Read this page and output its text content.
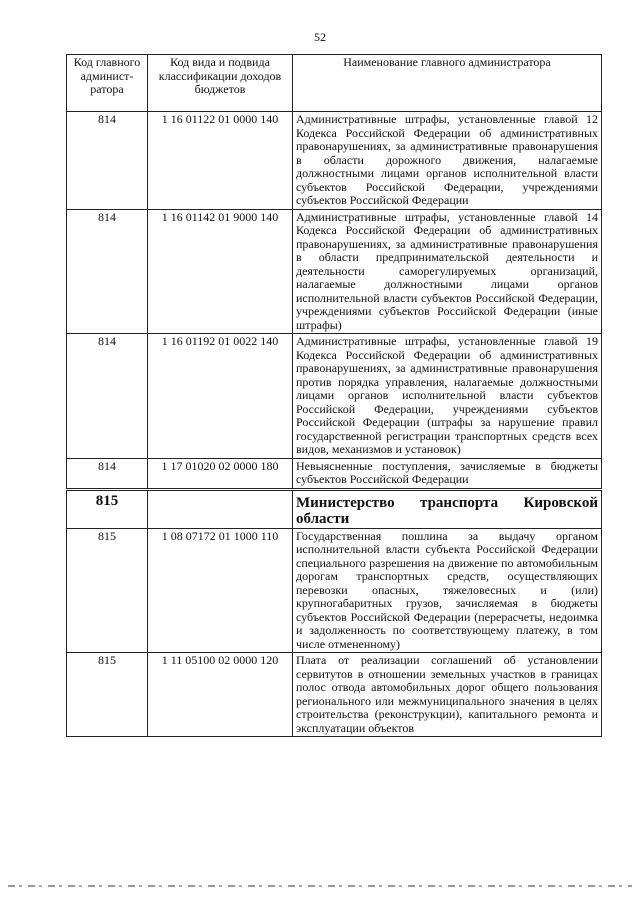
52
Код главного админист-ратора	Код вида и подвида классификации доходов бюджетов	Наименование главного администратора
814	1 16 01122 01 0000 140	Административные штрафы, установленные главой 12 Кодекса Российской Федерации об административных правонарушениях, за административные правонарушения в области дорожного движения, налагаемые должностными лицами органов исполнительной власти субъектов Российской Федерации, учреждениями субъектов Российской Федерации
814	1 16 01142 01 9000 140	Административные штрафы, установленные главой 14 Кодекса Российской Федерации об административных правонарушениях, за административные правонарушения в области предпринимательской деятельности и деятельности саморегулируемых организаций, налагаемые должностными лицами органов исполнительной власти субъектов Российской Федерации, учреждениями субъектов Российской Федерации (иные штрафы)
814	1 16 01192 01 0022 140	Административные штрафы, установленные главой 19 Кодекса Российской Федерации об административных правонарушениях, за административные правонарушения против порядка управления, налагаемые должностными лицами органов исполнительной власти субъектов Российской Федерации, учреждениями субъектов Российской Федерации (штрафы за нарушение правил государственной регистрации транспортных средств всех видов, механизмов и установок)
814	1 17 01020 02 0000 180	Невыясненные поступления, зачисляемые в бюджеты субъектов Российской Федерации
815		Министерство транспорта Кировской области
815	1 08 07172 01 1000 110	Государственная пошлина за выдачу органом исполнительной власти субъекта Российской Федерации специального разрешения на движение по автомобильным дорогам транспортных средств, осуществляющих перевозки опасных, тяжеловесных и (или) крупногабаритных грузов, зачисляемая в бюджеты субъектов Российской Федерации (перерасчеты, недоимка и задолженность по соответствующему платежу, в том числе отмененному)
815	1 11 05100 02 0000 120	Плата от реализации соглашений об установлении сервитутов в отношении земельных участков в границах полос отвода автомобильных дорог общего пользования регионального или межмуниципального значения в целях строительства (реконструкции), капитального ремонта и эксплуатации объектов
